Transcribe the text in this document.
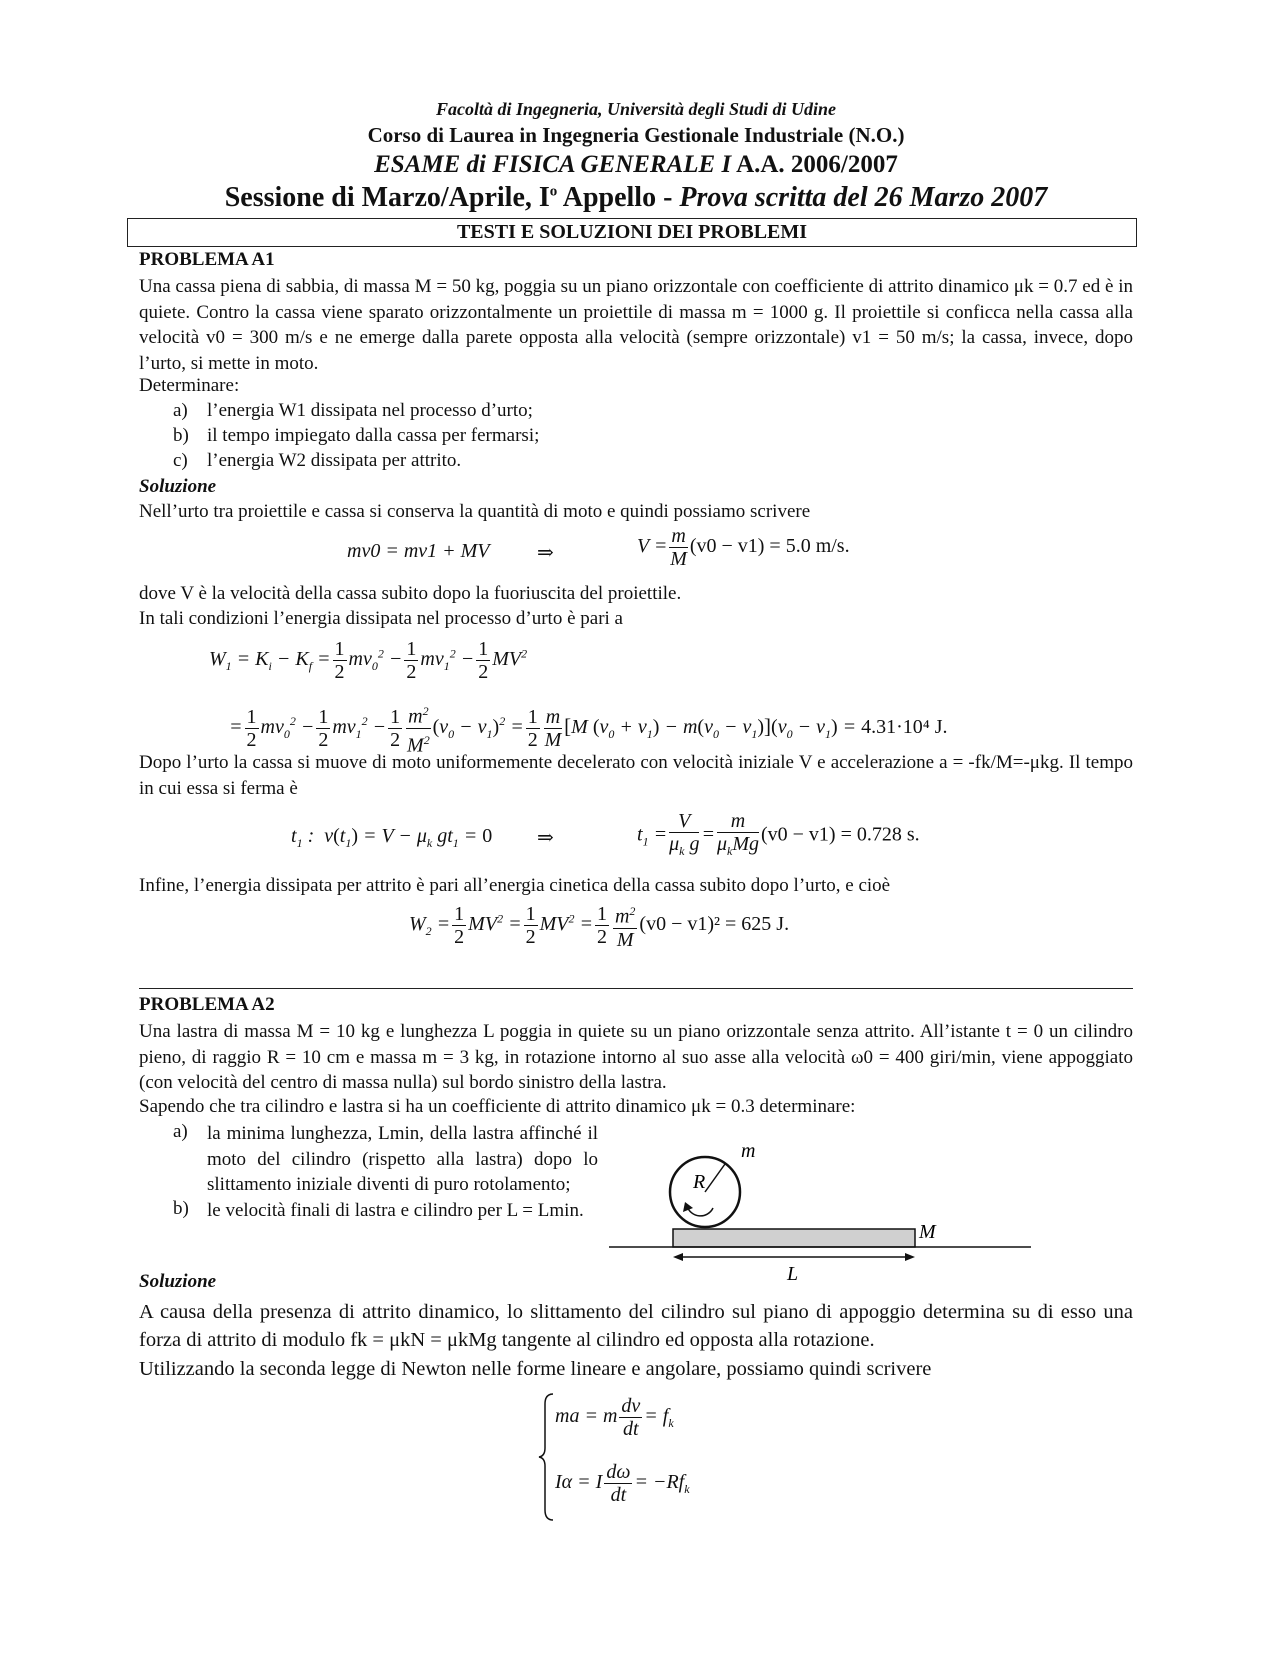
Facoltà di Ingegneria, Università degli Studi di Udine
Corso di Laurea in Ingegneria Gestionale Industriale (N.O.)
ESAME di FISICA GENERALE I A.A. 2006/2007
Sessione di Marzo/Aprile, $I^o$ Appello - Prova scritta del 26 Marzo 2007
TESTI E SOLUZIONI DEI PROBLEMI
PROBLEMA A1
Una cassa piena di sabbia, di massa M = 50 kg, poggia su un piano orizzontale con coefficiente di attrito dinamico μk = 0.7 ed è in quiete. Contro la cassa viene sparato orizzontalmente un proiettile di massa m = 1000 g. Il proiettile si conficca nella cassa alla velocità v0 = 300 m/s e ne emerge dalla parete opposta alla velocità (sempre orizzontale) v1 = 50 m/s; la cassa, invece, dopo l’urto, si mette in moto.
Determinare:
a)	l’energia W1 dissipata nel processo d’urto;
b) il tempo impiegato dalla cassa per fermarsi;
c)	l’energia W2 dissipata per attrito.
Soluzione
Nell’urto tra proiettile e cassa si conserva la quantità di moto e quindi possiamo scrivere
mv0 = mv1 + MV ⇒	$V = \frac{m}{M} (v0 - v1) = 5.0$ m/s.
dove V è la velocità della cassa subito dopo la fuoriuscita del proiettile.
In tali condizioni l’energia dissipata nel processo d’urto è pari a
$W_1 = K_i - K_f = \frac{1}{2} mv_0^2 - \frac{1}{2} mv_1^2 - \frac{1}{2} MV^2$
= $\frac{1}{2} mv_0^2 - \frac{1}{2} mv_1^2 - \frac{1}{2} \frac{m^2}{M^2} (v_0 - v_1)^2 = \frac{1}{2} \frac{m}{M} [M$ $(v_0 + v_1) - m(v_0 - v_1)](v_0 - v_1) = 4.31\cdot 10^4$ J.
Dopo l’urto la cassa si muove di moto uniformemente decelerato con velocità iniziale V e accelerazione a = -fk/M=-μkg. Il tempo in cui essa si ferma è
$t_1$ :  $v(t_1) = V - \mu_k$ $gt_1 = 0$ ⇒	$t_1 = \frac{V}{\mu_k g} = \frac{m}{\mu_kMg} (v0 - v1) = 0.728$ s.
Infine, l’energia dissipata per attrito è pari all’energia cinetica della cassa subito dopo l’urto, e cioè
$W_2 = \frac{1}{2} MV^2 = \frac{1}{2} MV^2 = \frac{1}{2} \frac{m^2}{M} (v0 - v1)^2 = 625$ J.
PROBLEMA A2
Una lastra di massa M = 10 kg e lunghezza L poggia in quiete su un piano orizzontale senza attrito. All’istante t = 0 un cilindro pieno, di raggio R = 10 cm e massa m = 3 kg, in rotazione intorno al suo asse alla velocità ω0 = 400 giri/min, viene appoggiato (con velocità del centro di massa nulla) sul bordo sinistro della lastra.
Sapendo che tra cilindro e lastra si ha un coefficiente di attrito dinamico μk = 0.3 determinare:
a)	la minima lunghezza, Lmin, della lastra affinché il moto del cilindro (rispetto alla lastra) dopo lo slittamento iniziale diventi di puro rotolamento;
b) le velocità finali di lastra e cilindro per L = Lmin.
R
m
M
L
Soluzione
A causa della presenza di attrito dinamico, lo slittamento del cilindro sul piano di appoggio determina su di esso una forza di attrito di modulo fk = μkN = μkMg tangente al cilindro ed opposta alla rotazione.
Utilizzando la seconda legge di Newton nelle forme lineare e angolare, possiamo quindi scrivere
ma = m $\frac{dv}{dt} = f_k$
Iα = I $\frac{d\omega}{dt} = -Rf_k$
